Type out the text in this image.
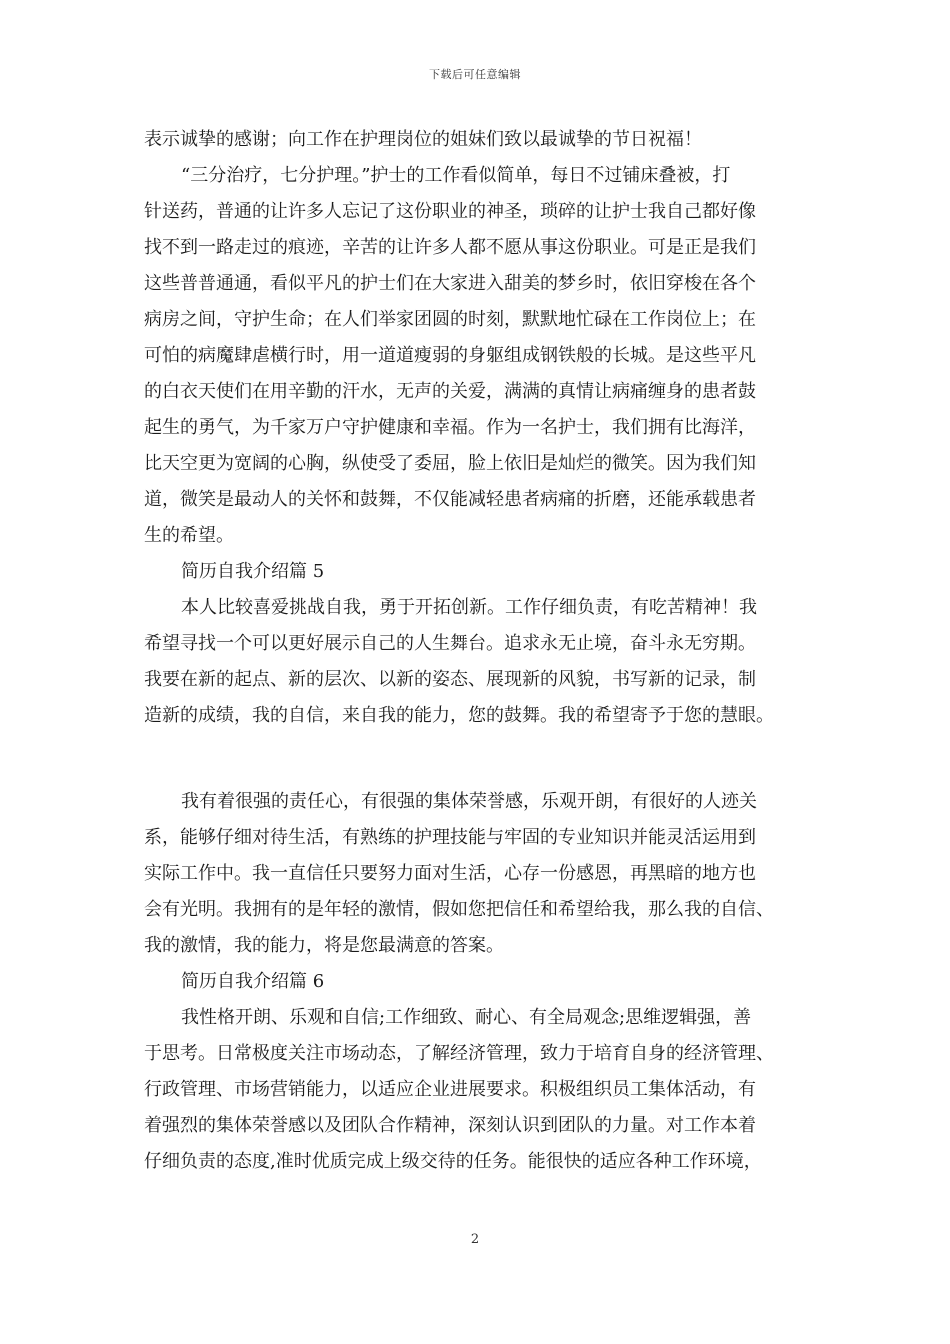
下载后可任意编辑
表示诚挚的感谢；向工作在护理岗位的姐妹们致以最诚挚的节日祝福！
“三分治疗，七分护理。”护士的工作看似简单，每日不过铺床叠被，打
针送药，普通的让许多人忘记了这份职业的神圣，琐碎的让护士我自己都好像
找不到一路走过的痕迹，辛苦的让许多人都不愿从事这份职业。可是正是我们
这些普普通通，看似平凡的护士们在大家进入甜美的梦乡时，依旧穿梭在各个
病房之间，守护生命；在人们举家团圆的时刻，默默地忙碌在工作岗位上；在
可怕的病魔肆虐横行时，用一道道瘦弱的身躯组成钢铁般的长城。是这些平凡
的白衣天使们在用辛勤的汗水，无声的关爱，满满的真情让病痛缠身的患者鼓
起生的勇气，为千家万户守护健康和幸福。作为一名护士，我们拥有比海洋，
比天空更为宽阔的心胸，纵使受了委屈，脸上依旧是灿烂的微笑。因为我们知
道，微笑是最动人的关怀和鼓舞，不仅能减轻患者病痛的折磨，还能承载患者
生的希望。
简历自我介绍篇 5
本人比较喜爱挑战自我，勇于开拓创新。工作仔细负责，有吃苦精神！我
希望寻找一个可以更好展示自己的人生舞台。追求永无止境，奋斗永无穷期。
我要在新的起点、新的层次、以新的姿态、展现新的风貌，书写新的记录，制
造新的成绩，我的自信，来自我的能力，您的鼓舞。我的希望寄予于您的慧眼。
我有着很强的责任心，有很强的集体荣誉感，乐观开朗，有很好的人迹关
系，能够仔细对待生活，有熟练的护理技能与牢固的专业知识并能灵活运用到
实际工作中。我一直信任只要努力面对生活，心存一份感恩，再黑暗的地方也
会有光明。我拥有的是年轻的激情，假如您把信任和希望给我，那么我的自信、
我的激情，我的能力，将是您最满意的答案。
简历自我介绍篇 6
我性格开朗、乐观和自信;工作细致、耐心、有全局观念;思维逻辑强，善
于思考。日常极度关注市场动态，了解经济管理，致力于培育自身的经济管理、
行政管理、市场营销能力，以适应企业进展要求。积极组织员工集体活动，有
着强烈的集体荣誉感以及团队合作精神，深刻认识到团队的力量。对工作本着
仔细负责的态度,准时优质完成上级交待的任务。能很快的适应各种工作环境，
2
